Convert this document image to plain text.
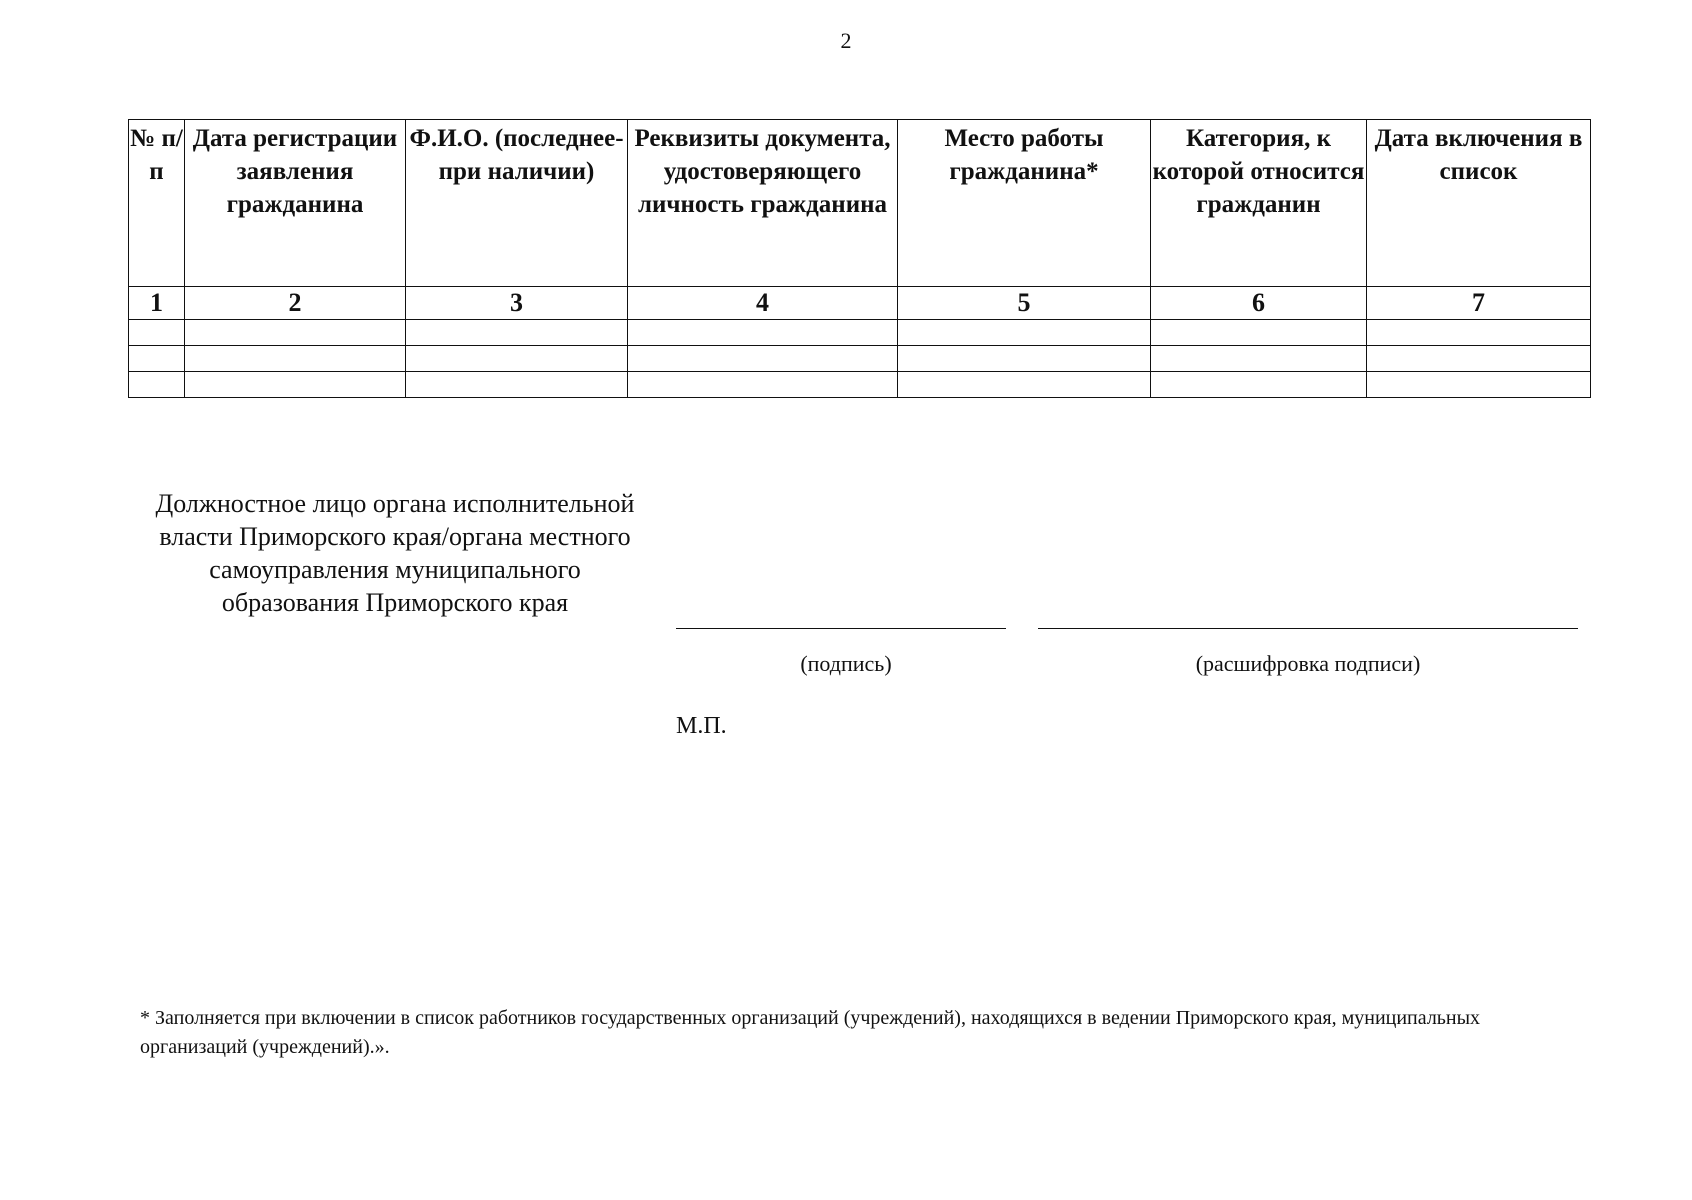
2
№ п/ п	Дата регистрации заявления гражданина	Ф.И.О. (последнее- при наличии)	Реквизиты документа, удостоверяющего личность гражданина	Место работы гражданина*	Категория, к которой относится гражданин	Дата включения в список
1	2	3	4	5	6	7

Должностное лицо органа исполнительной власти Приморского края/органа местного самоуправления муниципального образования Приморского края
(подпись)	(расшифровка подписи)
М.П.
* Заполняется при включении в список работников государственных организаций (учреждений), находящихся в ведении Приморского края, муниципальных организаций (учреждений).».
